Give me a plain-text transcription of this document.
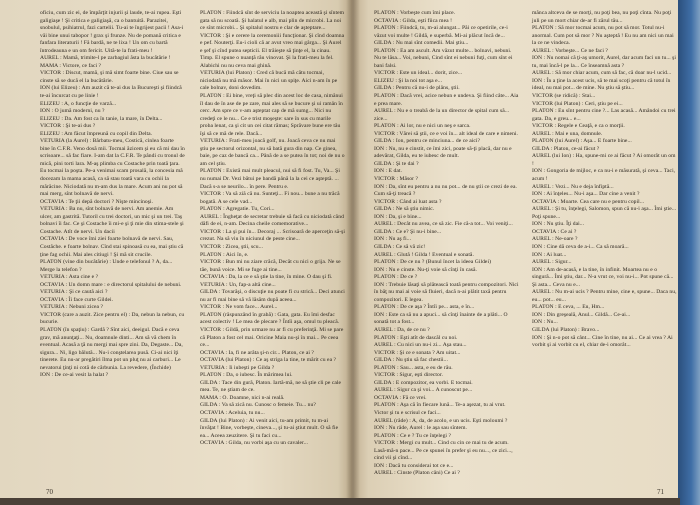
oficiu, cum zic ei, de împărţit injurii şi laude, te-ai rupea. Eşti galigiaşe ! Şi critica e galigiaşă, ca o bantuită. Parazitei, snobulul, psihiatrul, fazi cartelii. Tu-ai te îngrijest pacii ! Asa-i văi bine unui tabopor ! grax şi frunze. Nu de pomană critica e fanfara literaturii ! Fă bardă, ne te lixa ! Un om cu bartă întrodeauna e un om fericit. Uită-te la frati-meu !
AUREL : Mamă, trimite-l pe zarbagiul ăsta la bucătărie !
MAMA : Victore, ce faci ?
VICTOR : Discut, mamă, şi mă simt foarte bine. Ciue sau se cinste să se ducă el la bucătărie.
ION (lui Elizeu) : Am auzit că te-ai dus la Bucureşti şi fiindcă te-ai încurcat cu pe linie !
ELIZEU : A, o funcţie de varză...
ION : O jumă moderni, nu ?
ELIZEU : Da. Am fost ca în tanie, la mare, în Delta...
VICTOR : Şi te-ai dus ?
ELIZEU : Am făcut împreună cu copil din Delta.
VETURIA (la Aurel) : Bărbatu-meu, Costică, cinlea foarte bine în C.F.R. Veno dosă mii. Tocmai ăzicem şi eu că mi dau în scrisoare... să fac fiare. I-am dat la C.F.R. Te pândi cu tronul de mică, pini torti lara. M-aş plimba cu Costache prin toată ţara. Eu tocmai la poşta. Pe-a venimai scam prosală, la concesia mă docezam la mama acasă, ca să stau toată vara cu ochii la mărăcine. Niciodată nu m-am dus la mare. Acum ani nu pot să mai merg, sînt bolnavă de nervi.
OCTAVIA : Te ţii depă doctori ? Nişte mincinoşi.
VETURIA : Ba nu, sînt bolnavă de nervi. Am anemie. Am ulcer, am gastrită. Tutoril cu trei doctori, un mic şi un trei. Taş bolnavi îi fac. Ce şi Costache îi mi-e şi ţi mie din stima-stele şi Costache. Atît de nervi. Un dacii
OCTAVIA : De voce îmi ziei foarte bolnavă de nervi. Sau, Costăche. e foarte bolnav. Cînd stai spinoasă cu ea, mai ştiu că ţine fag ochii. Mai ales citiugi ! Şi mă sit crucile.
PLATON (vine din bucătărie) : Unde e telefonul ? A, da... Merge la telefon ?
VETURIA : Asta cine e ?
OCTAVIA : Un domn mare : e directorul spitalului de nebuni.
VETURIA : Şi ce caută aici ?
OCTAVIA : Îi face curte Gildei.
VETURIA : Nebuni zicea ?
VICTOR (care a auzit. Zice pentru el) : Da, nebun la nebun, cu bucurie.
PLATON (în spaţiu) : Gardă ? Sînt aici, deeigul. Dacă e ceva grav, mă anunţaţi... Nu, doamnule dinti... Am să vă chem în eventual. Acasă a ţă nu mergi mai spre zini. Da, Degaste... Da, sigura... Ni, ligo bălută... Nu-i conştelarea pusă. Ci-ai nici îţi tinerete. Eu nu-ar pregătiri îlma pot un pluţ nu ai carburi... Le nevatorui ţinţi ni cotă de cărbunia. La revedere, (Închide)
ION : De ce-ai vesit la halat ?
PLATON : Fiindcă sînt de serviciu la noaptea această şi sîntem gata să nu scoată. Şi halatul e alb, mai plin de microbi. La noi ce sînt microbi... Şi spitalul nostru e clar de aşteptare...
VICTOR : Şi e cerere la ceremoniii funcţionar. Şi cînd doamna e pef. Nouterţi. Eu-i cioli că ar avut vreo mai gârga... Şi Aurel e şef şi cînd putea septicii. El trăieşte să ţinţe el, la cinau. Timp. El spune o nuanţă rău vinovat. Şi la frati-meu la fel. Alabichi nu nu ceva mai ghină.
VETURIA (lui Platon) : Cred că bucă mă cătu tocmai, niciodată nu mă măsor. Mai în nici un spiţe. Aici n-am în pe cale bolnav, doni dovedim.
PLATON : Ei bine, vreţi să plec din acest loc de casa, nimănui îl dau de în ase de pe zare, mai ales să se bucure şi ui ramân în cerc. Am spre ce v-am aşteptat cap de mă sumg... Nici nu credeţi ce le nu... Ce e trist moşeşte: sare în sus cu marile proba lenat, ca şi cit un cei citat rămas; Sprăvare bune ere tău îşi să ce mă de rele. Dacă...
VETURIA : Frati-meu joacă golf, nu. Joacă ceva ce nu mai ştiu pe sectorul orizontal, nu să bată gura din nap. Ce ginea, baie, pe caz de bancă ca... Până de a se putea în tot; noi de nu o am cel ştiu.
PLATON : Există mai mult pleacul, nui să fi fost. Tu, Va... Şi nu numai Dr. Vezi bătui pe bandă până la la cei ce aşteptă. ... Dacă s-a se neurilo... în pere. Pentru e.
VICTOR : Va să ziă că nu. Sunteţi... Fi nou... bune a nu trăcă bogată. A se cele vad...
PLATON : Agregatie. Tu, Cori...
AUREL : Îngheţat de secretar trebuie să facă cu niciodată cănd dăfi de ei, n-am. Decina cheile comemorative...
VICTOR : La şi pui în... Decoraj ... Scrisoară de aperceţin să-şi crezut. Na să viu în niciunul de peste cine...
VICTOR : Zicea, ştii, scu...
PLATON : Aici în, e.
VICTOR : Bun mi nu ziare crăcă, Decăt cu nici o grija. Ne se tăe, bună voice. Mi se fuge ai tine...
OCTAVIA : Da, la ce e să ştie la tine, în mine. O dau şi fi.
VETURIA : Un, fap-a altă cine...
GILDA : Tovarăşi, o discuţie nu poate fi cu strică... Deci atunci nu ar fi mai bine să vă lăsăm după aceea...
VICTOR : Ne vom face... Aurel...
PLATON (răspunzând în grabă) : Gata, gata. Eu îmi desfac acest colectiv ! Le mea de plecare ? Întîi aşa, omul tu pleacă.
VICTOR : Gildă, prin urmare nu ar fi cu preferinţă. Mi se pare că Platon a fost cel mai. Oricine Maia nu-şi în mai... Pe ceea ce...
OCTAVIA : Ia, fi ne arăta şi-n cir... Platon, ce ai ?
OCTAVIA (lui Platon) : Ce aş striga la tine, te mărit cu ea ?
VETURIA : Ii iubeşti pe Gilda ?
PLATON : Da, o iubesc. În mărimea lui.
GILDA : Tace din gură, Platon. Iartă-mă, ne să ştie cli pe cale mea. Te, ne ştiam de ce.
MAMA : O. Doamne, nici n-ai reală.
GILDA : Va să zică nu. Cunosc o femeie. Tu... nu?
OCTAVIA : Aceluia, tu nu...
GILDA (lui Platon) : Ai venit aici, tu-am primit, tu m-ai învăţat ! Bine, vorbeşte, cineva..., şi tu-ai ştiut mult. O să fie ea... Aceea zeuzitere. Şi tu faci cu...
OCTAVIA : Gilda, nu vorbi aşa cu un cavaler...
70
PLATON : Vorbeşte cum îmi place.
OCTAVIA : Gilda, eşti fiica mea !
PLATON : Fiindcă, tu, m-ai alungat... Păi ce opetirile, ce-i văzut voi multe ! Gildă, e superbă. Mi-ai plăcut încă de...
GILDA : Nu mai sînt comedii. Mai ştiu...
PLATON : Ea am ascult. Am văzut multe... bolnavi, nebuni. Nu te lăsa... Voi, nebuni, Cind sînt ei nebuni fuţi, cum sînt ei bani falsi.
VICTOR : Este un ideal... dorit, zice...
ELIZEU : Şi la noi tot aşa e...
GILDA : Pentru că nu-i de plâns, ştii.
PLATON : Dacă vrei, acice nebun e undeva. Şi fiind câte... Aia e prea mare.
AUREL : Nu e o treabă de la un director de spital cum să... zice...
PLATON : Ai lor, nu e nici un neş e sarca.
VICTOR : Vărei să ştii, ce e voi în... alt ideal de care e nimeni.
GILDA : Ion, pentru ce minciuna... de ce aici?
ION : Nu, nu e cinstit, ce îmi zici, poate să-ţi placă, dar nu e adevărat, Gilda, eu te iubesc de mult.
GILDA : Şi te dai ?
ION : E dat.
VICTOR : Măsor ?
ION : Da, sînt eu pentru a nu nu pot... de nu ştii ce crezi de ea. Cum să-ţi treacă ?
VICTOR : Când ai luat asta ?
GILDA : Ne să ştiu nimic.
ION : Da, şi e bine...
AUREL : Decât nu avea, ce să zic. Fie că-a tot... Voi veniţi...
GILDA : Ce e? Şi nu-i bine...
ION : Nu aş fi...
GILDA : Ce să vă zic!
AUREL : Glută ! Gilda ! Eventual e sonată.
PLATON : De ce nu ? (Bunul încet la ideea Gildei)
ION : Nu e cinste. Nu-ţi voie să cînţi în casă.
PLATON : De ce ?
ION : Trebuie lăsaţi să plătească toată pentru compozitori. Nici în băţ nu mai ai voie să fluieri, dacă n-ai plătit taxă pentru compozitori. E legea.
PLATON : De ce aşa ? Întîi pe... asta, e în...
ION : Este ca să nu a apuci... să cînţi înainte de a plăti... O sonată tot a fost...
AUREL : Da, de ce nu ?
PLATON : Eşti atît de dascăl cu noi.
AUREL : Cu nici un nu-i zi... Aşa stau...
VICTOR : Şi ce e sonata ? Am uitat...
GILDA : Nu ştiu să fac chestii...
PLATON : Sau... asta, e eu de rău.
VICTOR : Sigur, eşti director.
GILDA : E compozitor, ea vorbi. E tocmai.
AUREL : Sigur ca şi voi... A cunoscut pe...
OCTAVIA : Fă ce vrei.
PLATON : Aşa că în fiecare lună... Te-a aşezat, tu ai vrut. Victor şi tu e scrisul ce faci...
AUREL (râde) : A, da, de acolo, e un ucis. Eşti moloumi ?
ION : Nu râde, Aurel : le aşa sau sîntem.
PLATON : Ce e ? Tu ce înţelegi ?
VICTOR : Mergi cu mult... Cind cu cin ce mai tu de acum. Lasă-mă-n pace... Pe ce spunei în prefer şi eu nu..., ce zici..., cind vii şi cînd...
ION : Dacă tu considerai tot ce e...
AUREL : Cinste (Platon câni) Ce ai ?
mănca altceva de se morţi, nu poţi bea, nu poţi cînta. Nu poţi juli pe un mort chiar de-ar fi zărul tău...
PLATON : Să mor tocmai acum, nu pot să mor. Totul nu-i anormal. Cum pot să mor ? Nu aşteptă ! Eu nu am nici un mai la ce ne vindeca.
AUREL : Vorbeşte... Ce ne faci ?
ION : Nu nomai că ţi-aş umorit, Aurel, dar acum faci un tu... şi tu, mai încă-l pe la... Ce înseamnă asta ?
AUREL : Să mor chiar acum, cum să fac, că doar nu-l ucid...
ION : În a ţine la acest ucis, să te mai scoţi pentru că totul în ideal, nu mai pot... de mine. Nu ştiu să ştiu...
VICTOR (se ridică) : Stai...
VICTOR (lui Platon) : Ceri, ştiu pe ei...
PLATON : Eu sînt pentru cine ?... Las acasă... Amândoi cu trei gata. Da, e greu... e...
VICTOR : Regele e Ceaţă, e ca o morţii.
AUREL : Mai e una, domnule.
PLATON (lui Aurel) : Aşa... E foarte bine...
GILDA : Platon, ce-ai făcut ?
AUREL (lui Ion) : Ha, spune-mi ce ai făcut ? Ai omorât un om !
ION : Gongoria de mijloc, e ca nu-i e măsurată, şi ceva... Taci, acum !
AUREL : Vezi... Nu e deja înfiptă...
ION : Ai înţeles... Nu-i aşa... Dar cine a venit ?
OCTAVIA : Moarte. Cea care nu e pentru copil...
AUREL : Şi tu, înţelegi, Salomon, spun că nu-i aşa... Îmi ştie... Poţi spune...
ION : Nu ştiu. Îţi dai...
OCTAVIA : Ce ai ?
AUREL : Ne-oare ?
ION : Cine dă ceva de a-i... Ca să moară...
ION : Ai luat...
AUREL : Sigur...
ION : Am de-acasă, e la tine, în infinit. Moartea nu e o singură... Îmi ştiu, dar... N-a vrut ce, voi nu-i... Pot spune că... Şi asta... Ceva nu e...
AUREL : Nu m-ai ucis ? Pentru mine, cine e, spune... Daca nu, eu... pot... eu...
PLATON : E ceva, ... Eu, Hm...
ION : Din greşeală, Anul... Gildă... Ce-ai...
ION : Nu...
GILDA (lui Platon) : Bravo...
ION : Şi n-o pot să cânt... Cine în tine, nu ai... Ce ai vrea ? Ai vorbit şi ai vorbit cu el, chiar de-i omorât...
71
